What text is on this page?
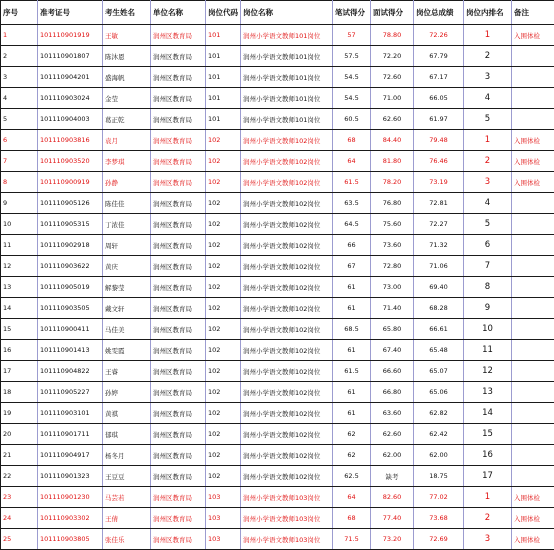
序号	准考证号	考生姓名	单位名称	岗位代码	岗位名称	笔试得分	面试得分	岗位总成绩	岗位内排名	备注
1	101110901919	王敏	润州区教育局	101	润州小学语文教师101岗位	57	78.80	72.26	1	入围体检
2	101110901807	陈沐恩	润州区教育局	101	润州小学语文教师101岗位	57.5	72.20	67.79	2	
3	101110904201	盛海帆	润州区教育局	101	润州小学语文教师101岗位	54.5	72.60	67.17	3	
4	101110903024	金莹	润州区教育局	101	润州小学语文教师101岗位	54.5	71.00	66.05	4	
5	101110904003	葛正乾	润州区教育局	101	润州小学语文教师101岗位	60.5	62.60	61.97	5	
6	101110903816	袁月	润州区教育局	102	润州小学语文教师102岗位	68	84.40	79.48	1	入围体检
7	101110903520	李梦琪	润州区教育局	102	润州小学语文教师102岗位	64	81.80	76.46	2	入围体检
8	101110900919	孙静	润州区教育局	102	润州小学语文教师102岗位	61.5	78.20	73.19	3	入围体检
9	101110905126	陈佳佳	润州区教育局	102	润州小学语文教师102岗位	63.5	76.80	72.81	4	
10	101110905315	丁浓佳	润州区教育局	102	润州小学语文教师102岗位	64.5	75.60	72.27	5	
11	101110902918	周轩	润州区教育局	102	润州小学语文教师102岗位	66	73.60	71.32	6	
12	101110903622	黄庆	润州区教育局	102	润州小学语文教师102岗位	67	72.80	71.06	7	
13	101110905019	解黎莹	润州区教育局	102	润州小学语文教师102岗位	61	73.00	69.40	8	
14	101110903505	戴文轩	润州区教育局	102	润州小学语文教师102岗位	61	71.40	68.28	9	
15	101110900411	马佳美	润州区教育局	102	润州小学语文教师102岗位	68.5	65.80	66.61	10	
16	101110901413	姚雯霞	润州区教育局	102	润州小学语文教师102岗位	61	67.40	65.48	11	
17	101110904822	王睿	润州区教育局	102	润州小学语文教师102岗位	61.5	66.60	65.07	12	
18	101110905227	孙婷	润州区教育局	102	润州小学语文教师102岗位	61	66.80	65.06	13	
19	101110903101	黄祺	润州区教育局	102	润州小学语文教师102岗位	61	63.60	62.82	14	
20	101110901711	郁琪	润州区教育局	102	润州小学语文教师102岗位	62	62.60	62.42	15	
21	101110904917	杨冬月	润州区教育局	102	润州小学语文教师102岗位	62	62.00	62.00	16	
22	101110901323	王豆豆	润州区教育局	102	润州小学语文教师102岗位	62.5	缺考	18.75	17	
23	101110901230	马芸若	润州区教育局	103	润州小学语文教师103岗位	64	82.60	77.02	1	入围体检
24	101110903302	王倩	润州区教育局	103	润州小学语文教师103岗位	68	77.40	73.68	2	入围体检
25	101110903805	张佳乐	润州区教育局	103	润州小学语文教师103岗位	71.5	73.20	72.69	3	入围体检
